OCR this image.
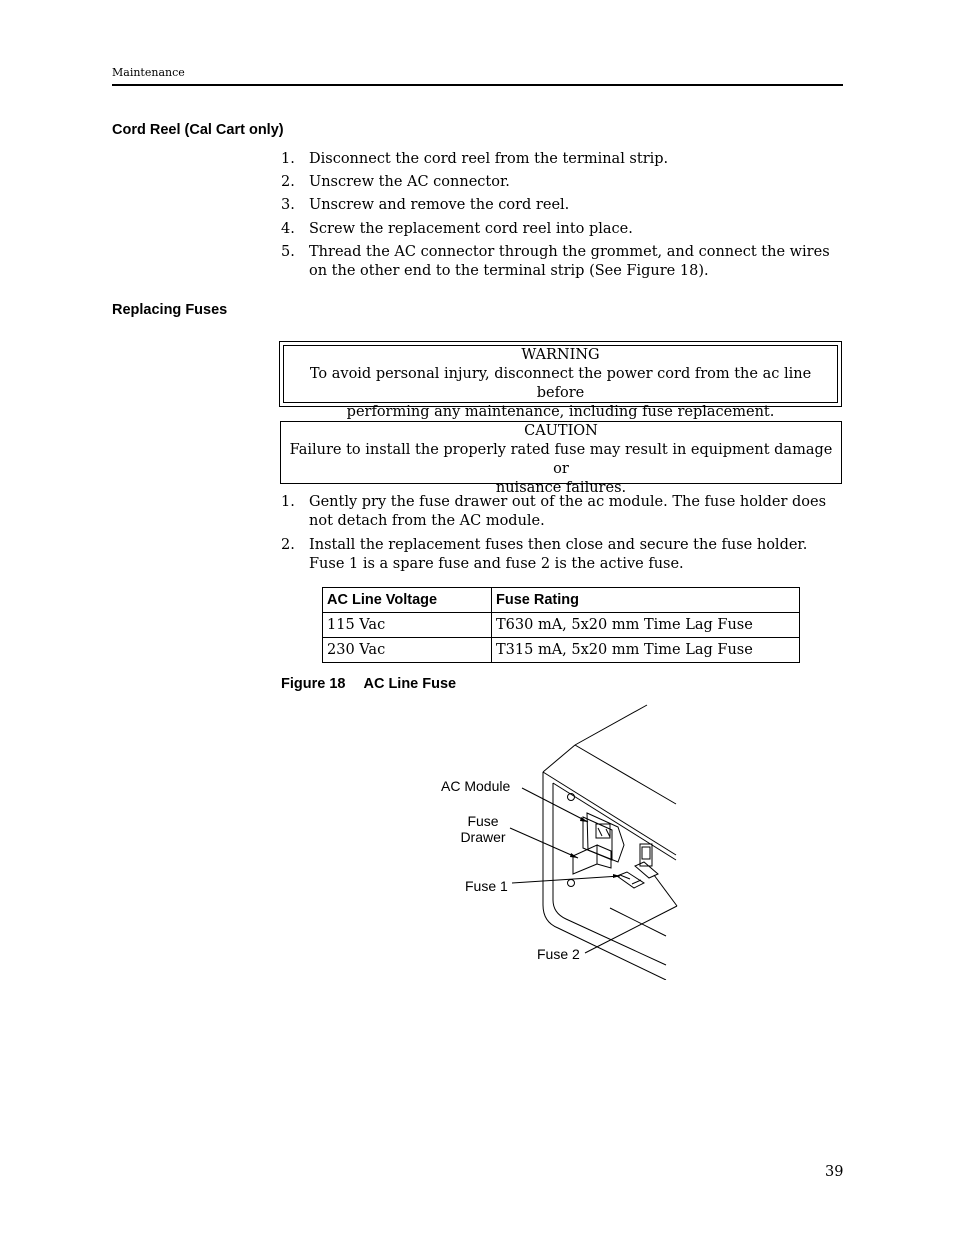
Maintenance
Cord Reel (Cal Cart only)
1. Disconnect the cord reel from the terminal strip.
2. Unscrew the AC connector.
3. Unscrew and remove the cord reel.
4. Screw the replacement cord reel into place.
5. Thread the AC connector through the grommet, and connect the wires on the other end to the terminal strip (See Figure 18).
Replacing Fuses
WARNING
To avoid personal injury, disconnect the power cord from the ac line before
performing any maintenance, including fuse replacement.
CAUTION
Failure to install the properly rated fuse may result in equipment damage or
nuisance failures.
1. Gently pry the fuse drawer out of the ac module. The fuse holder does not detach from the AC module.
2. Install the replacement fuses then close and secure the fuse holder. Fuse 1 is a spare fuse and fuse 2 is the active fuse.
AC Line Voltage	Fuse Rating
115 Vac	T630 mA, 5x20 mm Time Lag Fuse
230 Vac	T315 mA, 5x20 mm Time Lag Fuse
Figure 18 AC Line Fuse
AC Module
Fuse
Drawer
Fuse 1
Fuse 2
39
